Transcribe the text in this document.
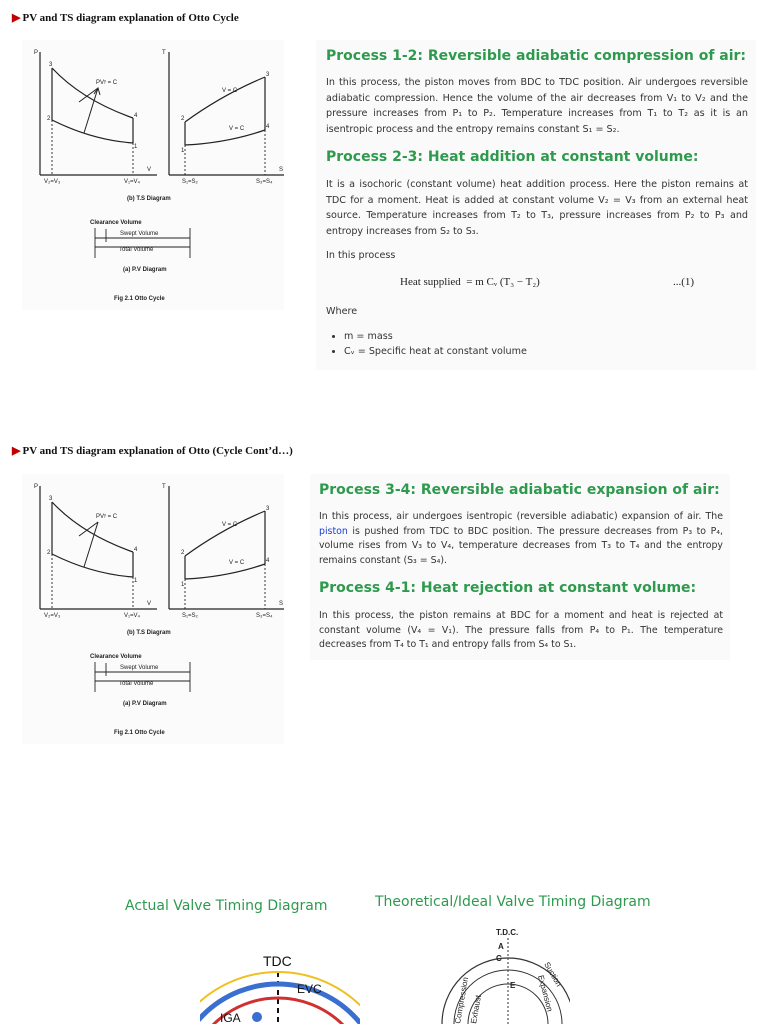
▶ PV and TS diagram explanation of Otto Cycle
P	T
V	S
3
2	4
1
PVʸ = C
V₂=V₃	V₁=V₄
3
2
4
1
V = C
V = C
S₁=S₂	S₃=S₄
(b) T.S Diagram
Clearance Volume
Swept Volume
Total Volume
(a) P.V Diagram
Fig 2.1 Otto Cycle
Process 1-2: Reversible adiabatic compression of air:
In this process, the piston moves from BDC to TDC position. Air undergoes reversible adiabatic compression. Hence the volume of the air decreases from V₁ to V₂ and the pressure increases from P₁ to P₂. Temperature increases from T₁ to T₂ as it is an isentropic process and the entropy remains constant S₁ = S₂.
Process 2-3: Heat addition at constant volume:
It is a isochoric (constant volume) heat addition process. Here the piston remains at TDC for a moment. Heat is added at constant volume V₂ = V₃ from an external heat source. Temperature increases from T₂ to T₃, pressure increases from P₂ to P₃ and entropy increases from S₂ to S₃.
In this process
Heat supplied = m Cᵥ (T₃ − T₂)	...(1)
Where
• m = mass
• Cᵥ = Specific heat at constant volume
▶ PV and TS diagram explanation of Otto (Cycle Cont’d…)
P	T
V	S
3
2	4
1
PVʸ = C
V₂=V₃	V₁=V₄
3
2
4
1
V = C
V = C
S₁=S₂	S₃=S₄
(b) T.S Diagram
Clearance Volume
Swept Volume
Total Volume
(a) P.V Diagram
Fig 2.1 Otto Cycle
Process 3-4: Reversible adiabatic expansion of air:
In this process, air undergoes isentropic (reversible adiabatic) expansion of air. The piston is pushed from TDC to BDC position. The pressure decreases from P₃ to P₄, volume rises from V₃ to V₄, temperature decreases from T₃ to T₄ and the entropy remains constant (S₃ = S₄).
Process 4-1: Heat rejection at constant volume:
In this process, the piston remains at BDC for a moment and heat is rejected at constant volume (V₄ = V₁). The pressure falls from P₄ to P₁. The temperature decreases from T₄ to T₁ and entropy falls from S₄ to S₁.
Actual Valve Timing Diagram	Theoretical/Ideal Valve Timing Diagram
TDC
EVC
IGA
T.D.C.
A
C
E
Compression
Exhaust
Suction
Expansion
